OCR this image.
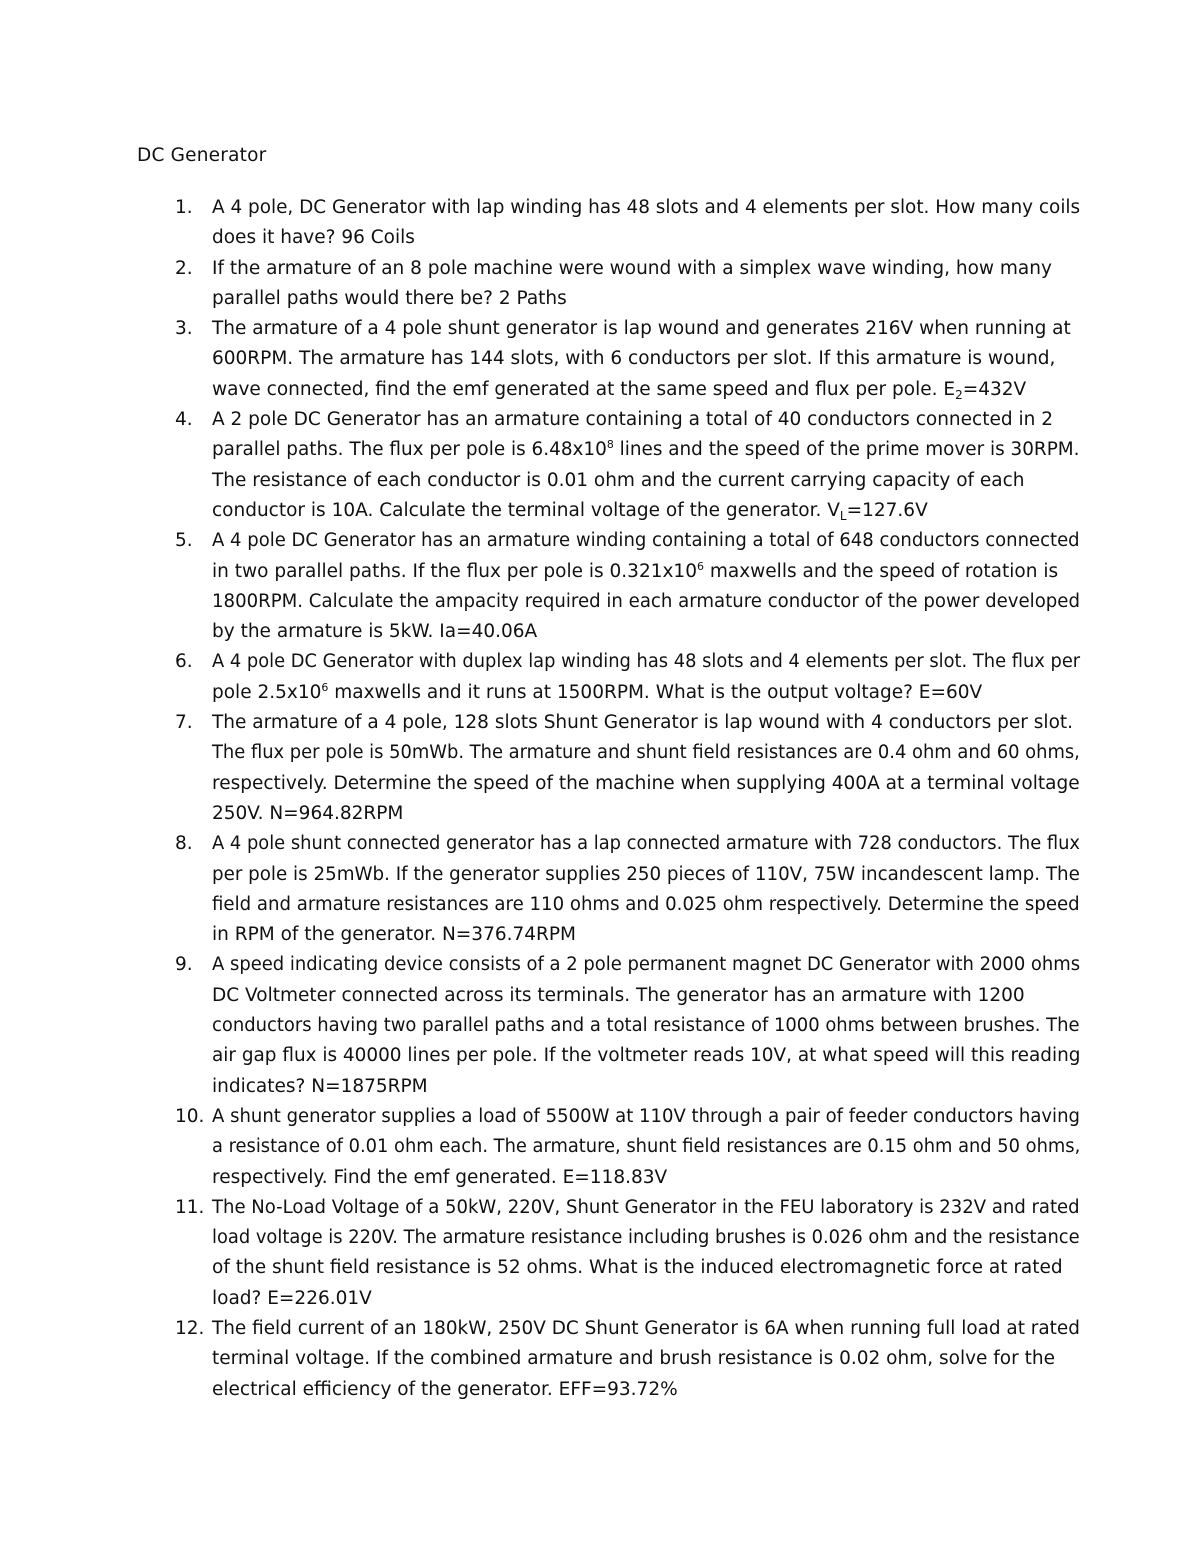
DC Generator
1.	A 4 pole, DC Generator with lap winding has 48 slots and 4 elements per slot. How many coils
does it have? 96 Coils
2.	If the armature of an 8 pole machine were wound with a simplex wave winding, how many
parallel paths would there be? 2 Paths
3.	The armature of a 4 pole shunt generator is lap wound and generates 216V when running at
600RPM. The armature has 144 slots, with 6 conductors per slot. If this armature is wound,
wave connected, find the emf generated at the same speed and flux per pole. $E_2=432V$
4.	A 2 pole DC Generator has an armature containing a total of 40 conductors connected in 2
parallel paths. The flux per pole is $6.48x10^8$ lines and the speed of the prime mover is 30RPM.
The resistance of each conductor is 0.01 ohm and the current carrying capacity of each
conductor is 10A. Calculate the terminal voltage of the generator. $V_L=127.6V$
5.	A 4 pole DC Generator has an armature winding containing a total of 648 conductors connected
in two parallel paths. If the flux per pole is $0.321x10^6$ maxwells and the speed of rotation is
1800RPM. Calculate the ampacity required in each armature conductor of the power developed
by the armature is 5kW. Ia=40.06A
6.	A 4 pole DC Generator with duplex lap winding has 48 slots and 4 elements per slot. The flux per
pole $2.5x10^6$ maxwells and it runs at 1500RPM. What is the output voltage? E=60V
7.	The armature of a 4 pole, 128 slots Shunt Generator is lap wound with 4 conductors per slot.
The flux per pole is 50mWb. The armature and shunt field resistances are 0.4 ohm and 60 ohms,
respectively. Determine the speed of the machine when supplying 400A at a terminal voltage
250V. N=964.82RPM
8.	A 4 pole shunt connected generator has a lap connected armature with 728 conductors. The flux
per pole is 25mWb. If the generator supplies 250 pieces of 110V, 75W incandescent lamp. The
field and armature resistances are 110 ohms and 0.025 ohm respectively. Determine the speed
in RPM of the generator. N=376.74RPM
9.	A speed indicating device consists of a 2 pole permanent magnet DC Generator with 2000 ohms
DC Voltmeter connected across its terminals. The generator has an armature with 1200
conductors having two parallel paths and a total resistance of 1000 ohms between brushes. The
air gap flux is 40000 lines per pole. If the voltmeter reads 10V, at what speed will this reading
indicates? N=1875RPM
10. A shunt generator supplies a load of 5500W at 110V through a pair of feeder conductors having
a resistance of 0.01 ohm each. The armature, shunt field resistances are 0.15 ohm and 50 ohms,
respectively. Find the emf generated. E=118.83V
11. The No-Load Voltage of a 50kW, 220V, Shunt Generator in the FEU laboratory is 232V and rated
load voltage is 220V. The armature resistance including brushes is 0.026 ohm and the resistance
of the shunt field resistance is 52 ohms. What is the induced electromagnetic force at rated
load? E=226.01V
12. The field current of an 180kW, 250V DC Shunt Generator is 6A when running full load at rated
terminal voltage. If the combined armature and brush resistance is 0.02 ohm, solve for the
electrical efficiency of the generator. EFF=93.72%
